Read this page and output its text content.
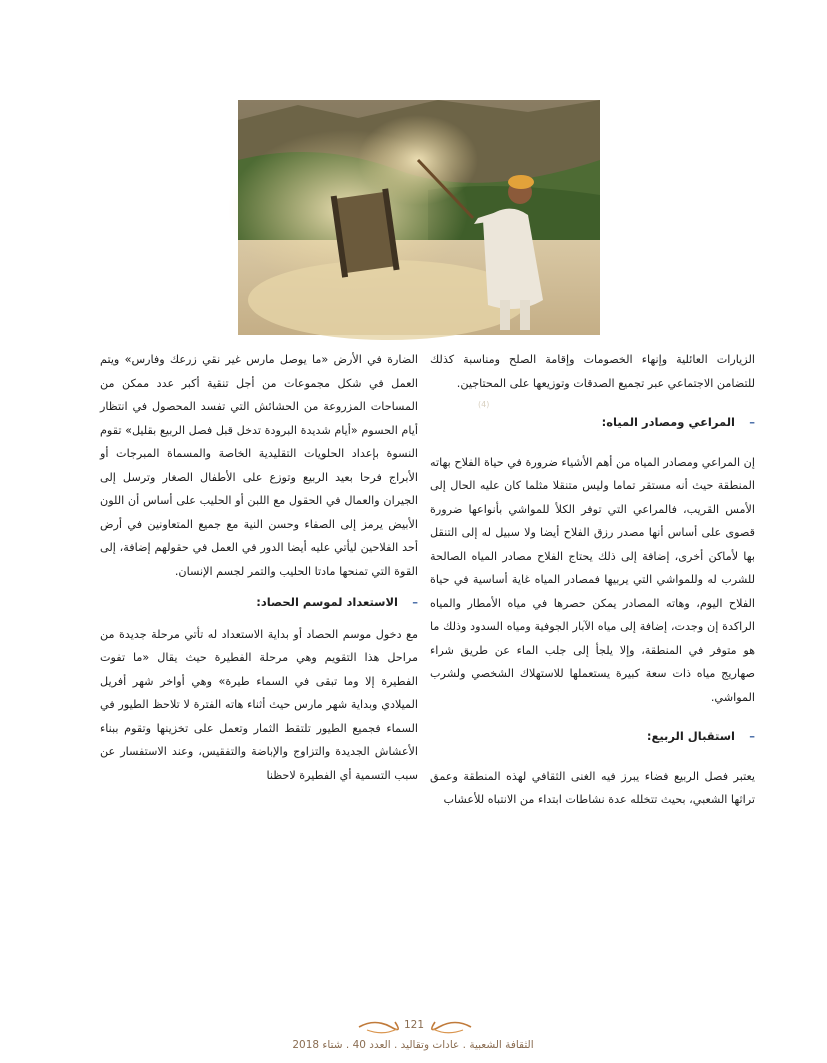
(4)

الزيارات العائلية وإنهاء الخصومات وإقامة الصلح ومناسبة كذلك للتضامن الاجتماعي عبر تجميع الصدقات وتوزيعها على المحتاجين.

–المراعي ومصادر المياه:

إن المراعي ومصادر المياه من أهم الأشياء ضرورة في حياة الفلاح بهاته المنطقة حيث أنه مستقر تماما وليس متنقلا مثلما كان عليه الحال إلى الأمس القريب، فالمراعي التي توفر الكلأ للمواشي بأنواعها ضرورة قصوى على أساس أنها مصدر رزق الفلاح أيضا ولا سبيل له إلى التنقل بها لأماكن أخرى، إضافة إلى ذلك يحتاج الفلاح مصادر المياه الصالحة للشرب له وللمواشي التي يربيها فمصادر المياه غاية أساسية في حياة الفلاح اليوم، وهاته المصادر يمكن حصرها في مياه الأمطار والمياه الراكدة إن وجدت، إضافة إلى مياه الآبار الجوفية ومياه السدود وذلك ما هو متوفر في المنطقة، وإلا يلجأ إلى جلب الماء عن طريق شراء صهاريج مياه ذات سعة كبيرة يستعملها للاستهلاك الشخصي ولشرب المواشي.

–استقبال الربيع:

يعتبر فصل الربيع فضاء يبرز فيه الغنى الثقافي لهذه المنطقة وعمق تراثها الشعبي، بحيث تتخلله عدة نشاطات ابتداء من الانتباه للأعشاب

الضارة في الأرض «ما يوصل مارس غير نقي زرعك وفارس» ويتم العمل في شكل مجموعات من أجل تنقية أكبر عدد ممكن من المساحات المزروعة من الحشائش التي تفسد المحصول في انتظار أيام الحسوم «أيام شديدة البرودة تدخل قبل فصل الربيع بقليل» تقوم النسوة بإعداد الحلويات التقليدية الخاصة والمسماة المبرجات أو الأبراج فرحا بعيد الربيع وتوزع على الأطفال الصغار وترسل إلى الجيران والعمال في الحقول مع اللبن أو الحليب على أساس أن اللون الأبيض يرمز إلى الصفاء وحسن النية مع جميع المتعاونين في أرض أحد الفلاحين ليأتي عليه أيضا الدور في العمل في حقولهم إضافة، إلى القوة التي تمنحها مادتا الحليب والتمر لجسم الإنسان.

–الاستعداد لموسم الحصاد:

مع دخول موسم الحصاد أو بداية الاستعداد له تأتي مرحلة جديدة من مراحل هذا التقويم وهي مرحلة الفطيرة حيث يقال «ما تفوت الفطيرة إلا وما تبقى في السماء طيرة» وهي أواخر شهر أفريل الميلادي وبداية شهر مارس حيث أثناء هاته الفترة لا تلاحظ الطيور في السماء فجميع الطيور تلتقط الثمار وتعمل على تخزينها وتقوم ببناء الأعشاش الجديدة والتزاوج والإباضة والتفقيس، وعند الاستفسار عن سبب التسمية أي الفطيرة لاحظنا

121
الثقافة الشعبية . عادات وتقاليد . العدد 40 . شتاء 2018
